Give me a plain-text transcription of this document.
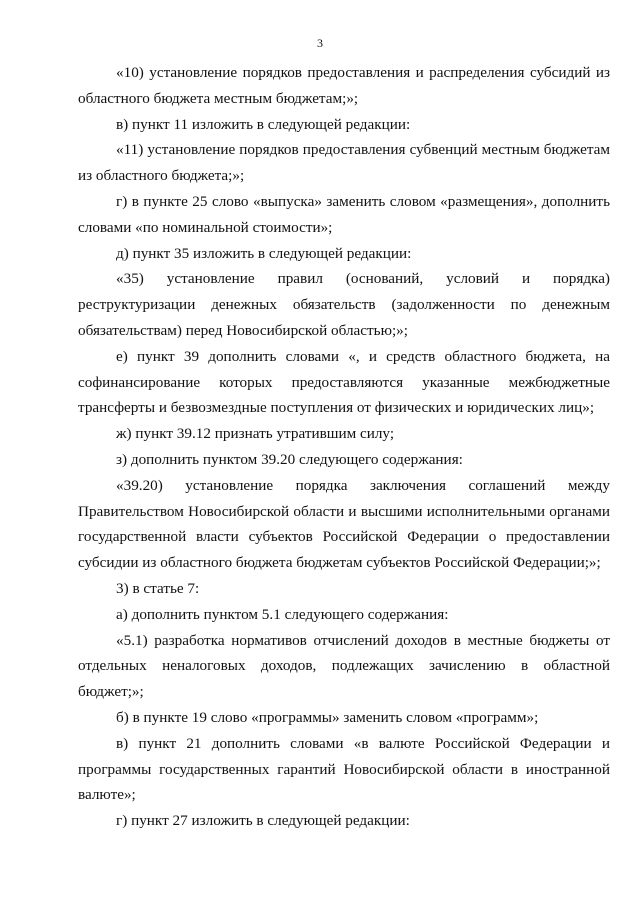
3

«10) установление порядков предоставления и распределения субсидий из областного бюджета местным бюджетам;»;

в) пункт 11 изложить в следующей редакции:

«11) установление порядков предоставления субвенций местным бюджетам из областного бюджета;»;

г) в пункте 25 слово «выпуска» заменить словом «размещения», дополнить словами «по номинальной стоимости»;

д) пункт 35 изложить в следующей редакции:

«35) установление правил (оснований, условий и порядка) реструктуризации денежных обязательств (задолженности по денежным обязательствам) перед Новосибирской областью;»;

е) пункт 39 дополнить словами «, и средств областного бюджета, на софинансирование которых предоставляются указанные межбюджетные трансферты и безвозмездные поступления от физических и юридических лиц»;

ж) пункт 39.12 признать утратившим силу;

з) дополнить пунктом 39.20 следующего содержания:

«39.20) установление порядка заключения соглашений между Правительством Новосибирской области и высшими исполнительными органами государственной власти субъектов Российской Федерации о предоставлении субсидии из областного бюджета бюджетам субъектов Российской Федерации;»;

3) в статье 7:

а) дополнить пунктом 5.1 следующего содержания:

«5.1) разработка нормативов отчислений доходов в местные бюджеты от отдельных неналоговых доходов, подлежащих зачислению в областной бюджет;»;

б) в пункте 19 слово «программы» заменить словом «программ»;

в) пункт 21 дополнить словами «в валюте Российской Федерации и программы государственных гарантий Новосибирской области в иностранной валюте»;

г) пункт 27 изложить в следующей редакции:
